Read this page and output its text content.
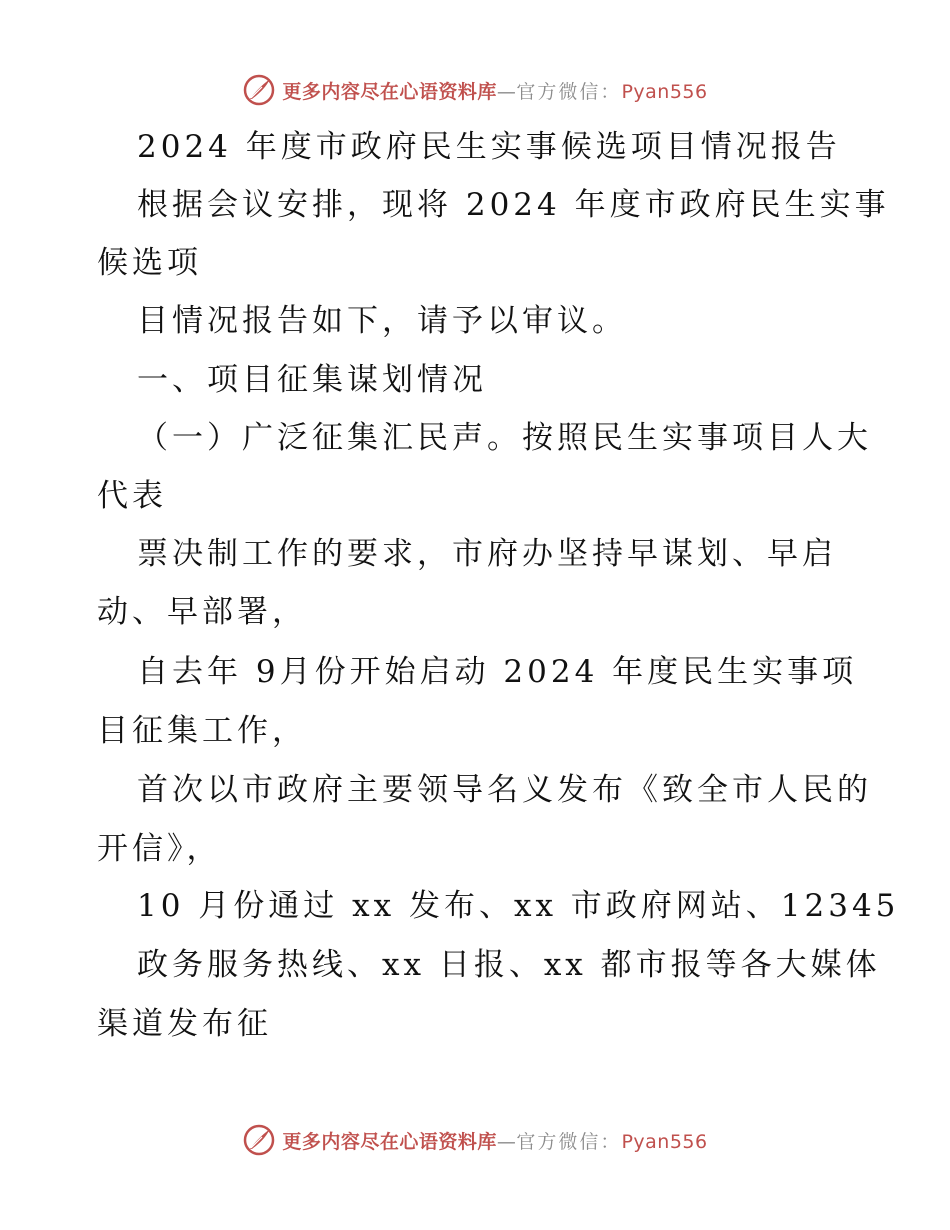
更多内容尽在心语资料库—官方微信：Pyan556
2024 年度市政府民生实事候选项目情况报告
根据会议安排，现将 2024 年度市政府民生实事
候选项
目情况报告如下，请予以审议。
一、项目征集谋划情况
（一）广泛征集汇民声。按照民生实事项目人大
代表
票决制工作的要求，市府办坚持早谋划、早启
动、早部署，
自去年 9月份开始启动 2024 年度民生实事项
目征集工作，
首次以市政府主要领导名义发布《致全市人民的
开信》，
10 月份通过 xx 发布、xx 市政府网站、12345
政务服务热线、xx 日报、xx 都市报等各大媒体
渠道发布征
更多内容尽在心语资料库—官方微信：Pyan556
